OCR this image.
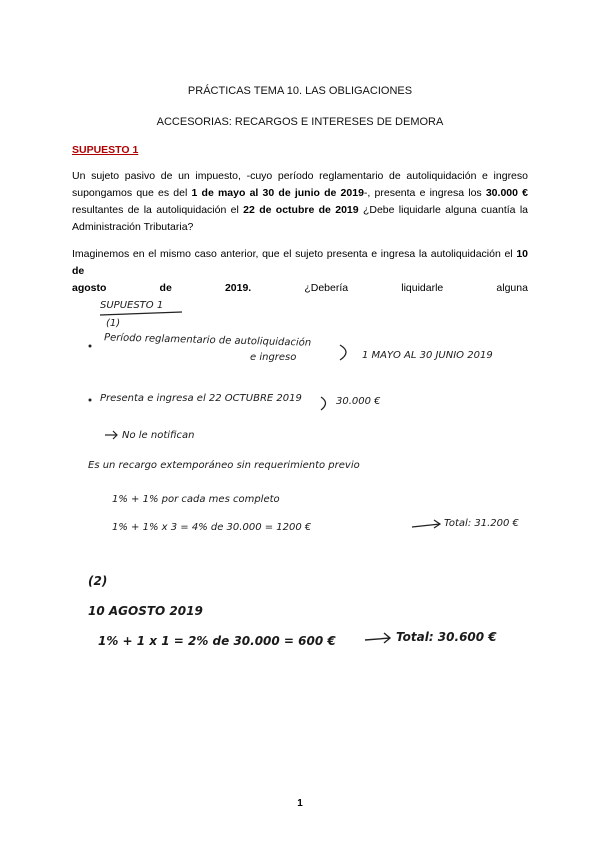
PRÁCTICAS TEMA 10. LAS OBLIGACIONES
ACCESORIAS: RECARGOS E INTERESES DE DEMORA
SUPUESTO 1
Un sujeto pasivo de un impuesto, -cuyo período reglamentario de autoliquidación e ingreso
supongamos que es del 1 de mayo al 30 de junio de 2019-, presenta e ingresa los 30.000 €
resultantes de la autoliquidación el 22 de octubre de 2019 ¿Debe liquidarle alguna cuantía la
Administración Tributaria?
Imaginemos en el mismo caso anterior, que el sujeto presenta e ingresa la autoliquidación el 10 de
agosto	de	2019.	¿Debería	liquidarle	alguna
SUPUESTO 1
(1)
Período reglamentario de autoliquidación
e ingreso	1 MAYO AL 30 JUNIO 2019
Presenta e ingresa el 22 OCTUBRE 2019	30.000 €
No le notifican
Es un recargo extemporáneo sin requerimiento previo
1% + 1% por cada mes completo
1% + 1% x 3 = 4% de 30.000 = 1200 €	Total: 31.200 €
(2)
10 AGOSTO 2019
1% + 1 x 1 = 2% de 30.000 = 600 €	Total: 30.600 €
1
